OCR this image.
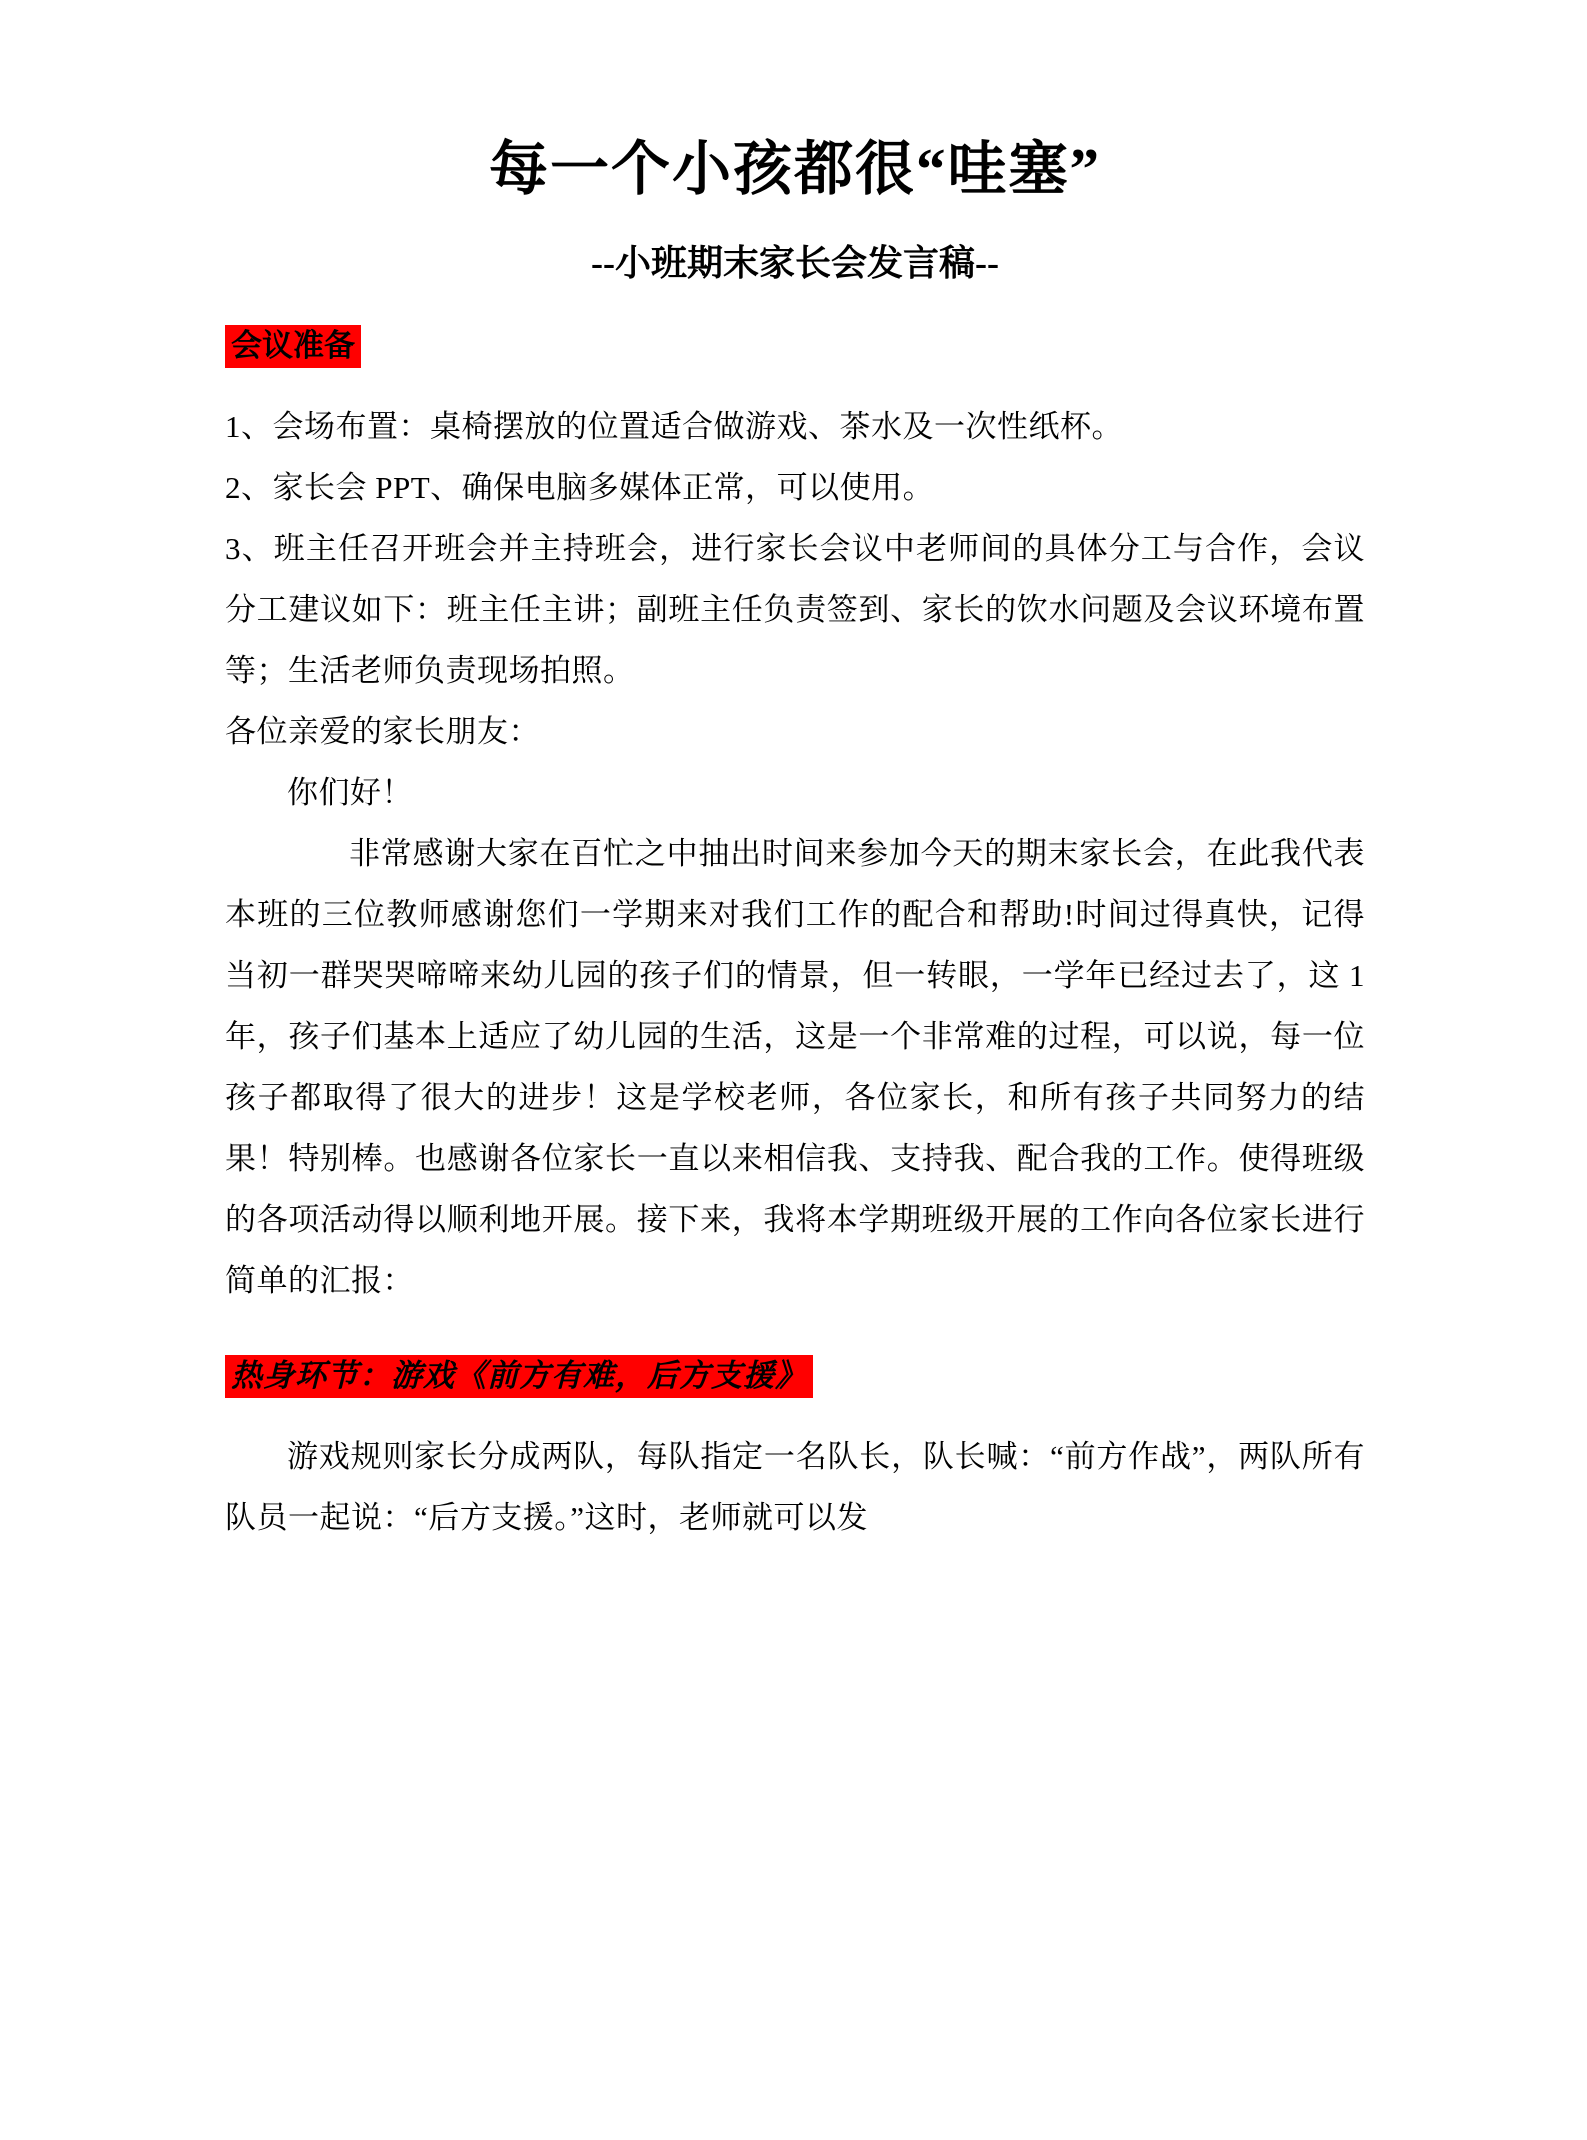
每一个小孩都很“哇塞”
--小班期末家长会发言稿--
会议准备

1、会场布置：桌椅摆放的位置适合做游戏、茶水及一次性纸杯。

2、家长会 PPT、确保电脑多媒体正常，可以使用。

3、班主任召开班会并主持班会，进行家长会议中老师间的具体分工与合作，会议分工建议如下：班主任主讲；副班主任负责签到、家长的饮水问题及会议环境布置等；生活老师负责现场拍照。

各位亲爱的家长朋友：

你们好！

非常感谢大家在百忙之中抽出时间来参加今天的期末家长会，在此我代表本班的三位教师感谢您们一学期来对我们工作的配合和帮助!时间过得真快，记得当初一群哭哭啼啼来幼儿园的孩子们的情景，但一转眼，一学年已经过去了，这 1 年，孩子们基本上适应了幼儿园的生活，这是一个非常难的过程，可以说，每一位孩子都取得了很大的进步！这是学校老师，各位家长，和所有孩子共同努力的结果！特别棒。也感谢各位家长一直以来相信我、支持我、配合我的工作。使得班级的各项活动得以顺利地开展。接下来，我将本学期班级开展的工作向各位家长进行简单的汇报：

热身环节：游戏《前方有难，后方支援》

游戏规则家长分成两队，每队指定一名队长，队长喊：“前方作战”，两队所有队员一起说：“后方支援。”这时，老师就可以发
